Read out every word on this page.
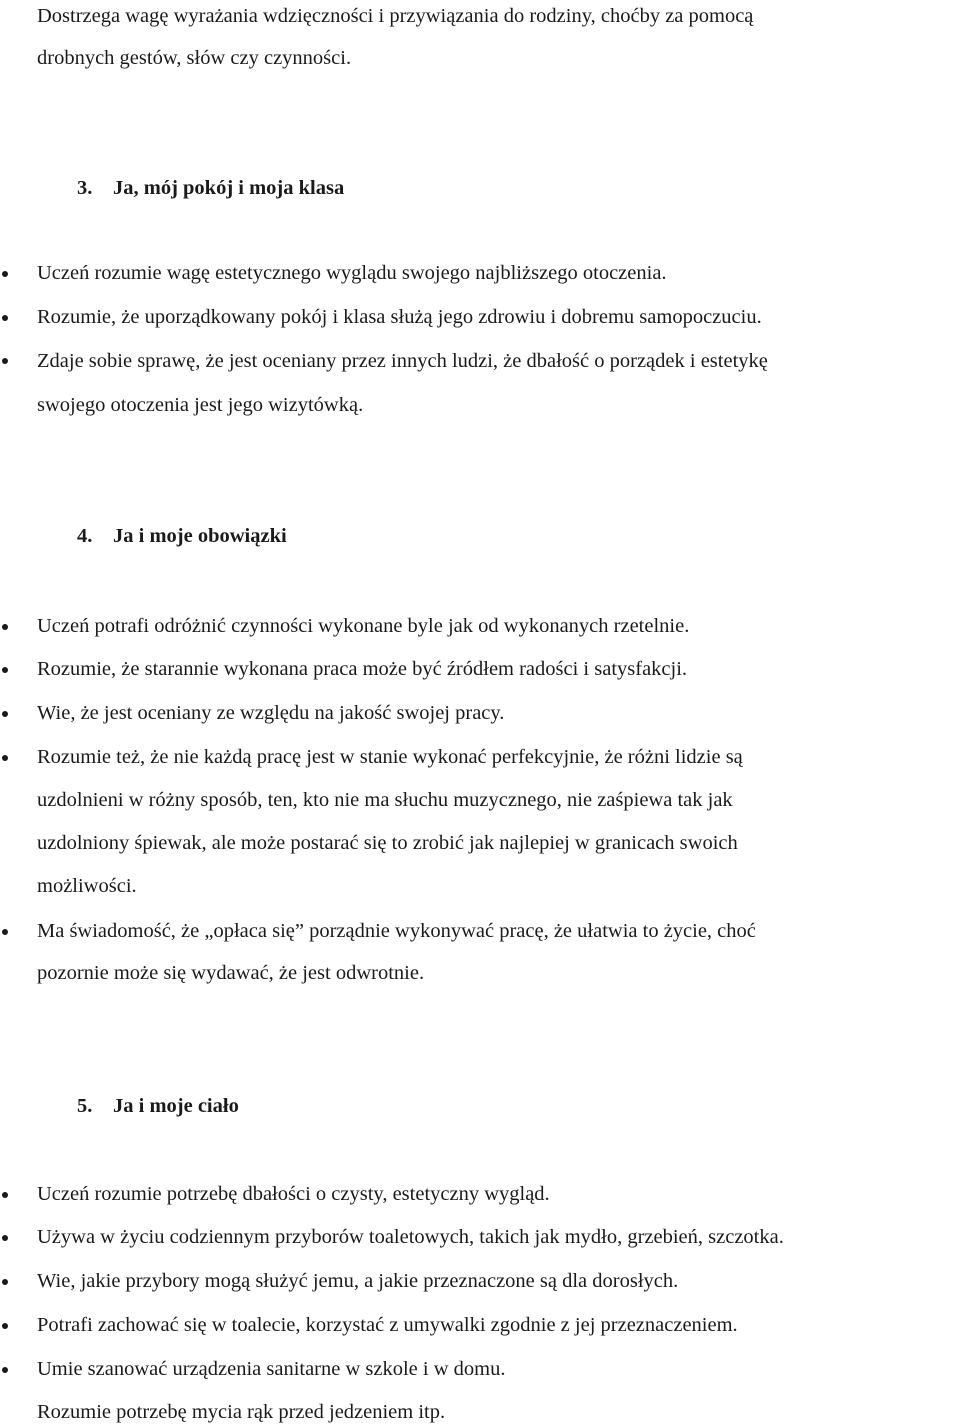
Dostrzega wagę wyrażania wdzięczności i przywiązania do rodziny, choćby za pomocą
drobnych gestów, słów czy czynności.
3. Ja, mój pokój i moja klasa
Uczeń rozumie wagę estetycznego wyglądu swojego najbliższego otoczenia.
Rozumie, że uporządkowany pokój i klasa służą jego zdrowiu i dobremu samopoczuciu.
Zdaje sobie sprawę, że jest oceniany przez innych ludzi, że dbałość o porządek i estetykę
swojego otoczenia jest jego wizytówką.
4. Ja i moje obowiązki
Uczeń potrafi odróżnić czynności wykonane byle jak od wykonanych rzetelnie.
Rozumie, że starannie wykonana praca może być źródłem radości i satysfakcji.
Wie, że jest oceniany ze względu na jakość swojej pracy.
Rozumie też, że nie każdą pracę jest w stanie wykonać perfekcyjnie, że różni lidzie są
uzdolnieni w różny sposób, ten, kto nie ma słuchu muzycznego, nie zaśpiewa tak jak
uzdolniony śpiewak, ale może postarać się to zrobić jak najlepiej w granicach swoich
możliwości.
Ma świadomość, że „opłaca się” porządnie wykonywać pracę, że ułatwia to życie, choć
pozornie może się wydawać, że jest odwrotnie.
5. Ja i moje ciało
Uczeń rozumie potrzebę dbałości o czysty, estetyczny wygląd.
Używa w życiu codziennym przyborów toaletowych, takich jak mydło, grzebień, szczotka.
Wie, jakie przybory mogą służyć jemu, a jakie przeznaczone są dla dorosłych.
Potrafi zachować się w toalecie, korzystać z umywalki zgodnie z jej przeznaczeniem.
Umie szanować urządzenia sanitarne w szkole i w domu.
Rozumie potrzebę mycia rąk przed jedzeniem itp.
